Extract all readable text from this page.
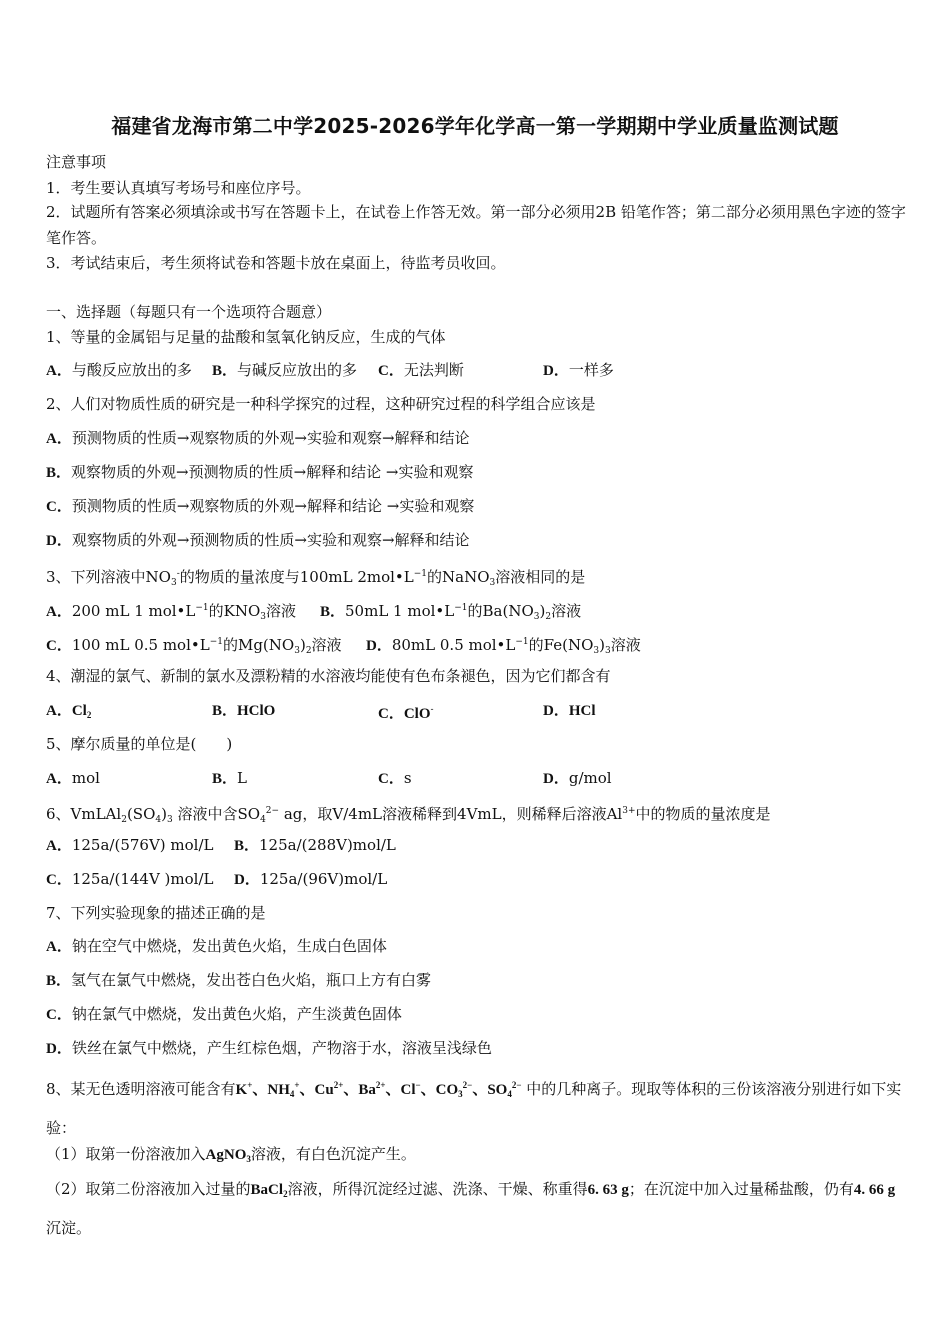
福建省龙海市第二中学2025-2026学年化学高一第一学期期中学业质量监测试题
注意事项
1．考生要认真填写考场号和座位序号。
2．试题所有答案必须填涂或书写在答题卡上，在试卷上作答无效。第一部分必须用2B 铅笔作答；第二部分必须用黑色字迹的签字笔作答。
3．考试结束后，考生须将试卷和答题卡放在桌面上，待监考员收回。
一、选择题（每题只有一个选项符合题意）
1、等量的金属铝与足量的盐酸和氢氧化钠反应，生成的气体
A．与酸反应放出的多 B．与碱反应放出的多 C．无法判断	D．一样多
2、人们对物质性质的研究是一种科学探究的过程，这种研究过程的科学组合应该是
A．预测物质的性质→观察物质的外观→实验和观察→解释和结论
B．观察物质的外观→预测物质的性质→解释和结论 →实验和观察
C．预测物质的性质→观察物质的外观→解释和结论 →实验和观察
D．观察物质的外观→预测物质的性质→实验和观察→解释和结论
3、下列溶液中$NO_3^-$的物质的量浓度与100mL $2mol•L^{-1}$的NaNO$_3$溶液相同的是
A．200 mL 1 $mol•L^{-1}$的$KNO_3$溶液 B．50mL 1 $mol•L^{-1}$的$Ba(NO_3)_2$溶液
C．100 mL 0.5 $mol•L^{-1}$的$Mg(NO_3)_2$溶液 D．80mL 0.5 $mol•L^{-1}$的$Fe(NO_3)_3$溶液
4、潮湿的氯气、新制的氯水及漂粉精的水溶液均能使有色布条褪色，因为它们都含有
A．$Cl_2$	B．HClO	C．ClO-	D．HCl
5、摩尔质量的单位是(　　)
A．mol	B．L	C．s	D．g/mol
6、$VmLAl_2(SO_4)_3$ 溶液中含$SO_4^{2-}$ ag，取V/4mL溶液稀释到4VmL，则稀释后溶液$Al^{3+}$中的物质的量浓度是
A．125a/(576V) mol/L B．125a/(288V)mol/L
C．125a/(144V )mol/L D．125a/(96V)mol/L
7、下列实验现象的描述正确的是
A．钠在空气中燃烧，发出黄色火焰，生成白色固体
B．氢气在氯气中燃烧，发出苍白色火焰，瓶口上方有白雾
C．钠在氯气中燃烧，发出黄色火焰，产生淡黄色固体
D．铁丝在氯气中燃烧，产生红棕色烟，产物溶于水，溶液呈浅绿色
8、某无色透明溶液可能含有K+、$NH_4^+$、$Cu^{2+}$、$Ba^{2+}$、Cl−、$CO_3^{2-}$、$SO_4^{2-}$ 中的几种离子。现取等体积的三份该溶液分别进行如下实验：
（1）取第一份溶液加入AgNO$_3$溶液，有白色沉淀产生。
（2）取第二份溶液加入过量的BaCl$_2$溶液，所得沉淀经过滤、洗涤、干燥、称重得6. 63 g；在沉淀中加入过量稀盐酸，仍有4. 66 g沉淀。
